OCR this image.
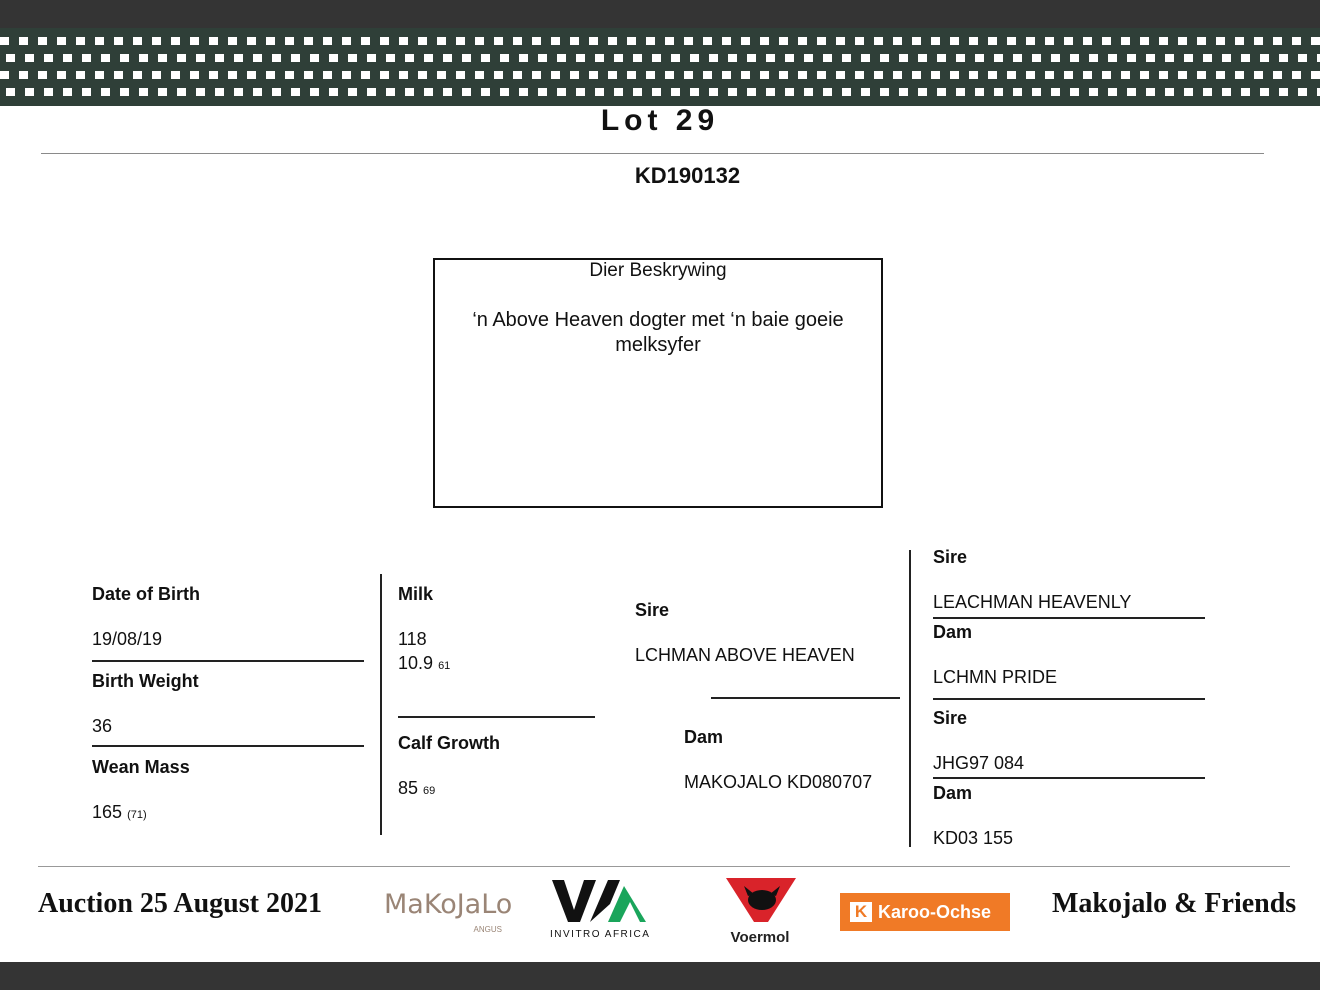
Lot 29
KD190132
Dier Beskrywing
‘n Above Heaven dogter met ‘n baie goeie melksyfer
Date of Birth
19/08/19
Birth Weight
36
Wean Mass
165 (71)
Milk
118
10.9 61
Calf Growth
85 69
Sire
LCHMAN ABOVE HEAVEN
Dam
MAKOJALO KD080707
Sire
LEACHMAN HEAVENLY
Dam
LCHMN PRIDE
Sire
JHG97 084
Dam
KD03 155
Auction 25 August 2021 MaKoJaLo
ANGUS	INVITRO AFRICA	Voermol
K Karoo-Ochse Makojalo & Friends
